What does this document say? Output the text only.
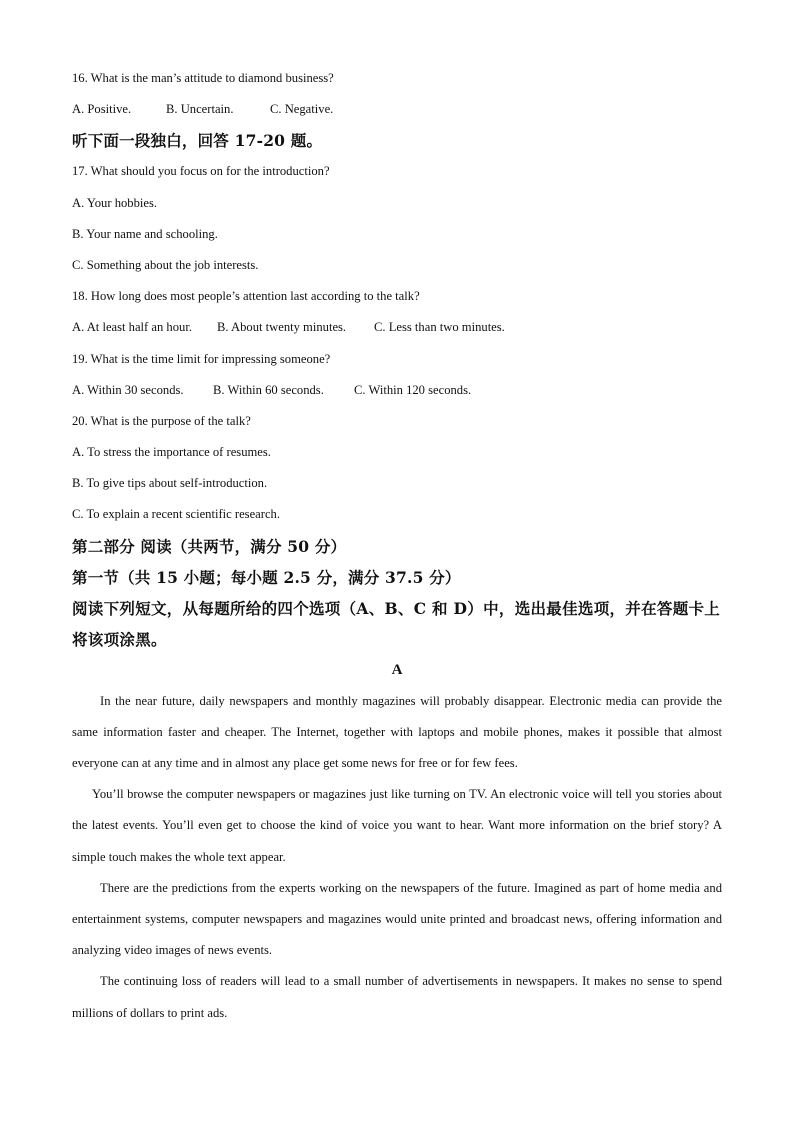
16. What is the man’s attitude to diamond business?
A. Positive.	B. Uncertain.	C. Negative.
听下面一段独白，回答 17-20 题。
17. What should you focus on for the introduction?
A. Your hobbies.
B. Your name and schooling.
C. Something about the job interests.
18. How long does most people’s attention last according to the talk?
A. At least half an hour. B. About twenty minutes. C. Less than two minutes.
19. What is the time limit for impressing someone?
A. Within 30 seconds. B. Within 60 seconds. C. Within 120 seconds.
20. What is the purpose of the talk?
A. To stress the importance of resumes.
B. To give tips about self-introduction.
C. To explain a recent scientific research.
第二部分 阅读（共两节，满分 50 分）
第一节（共 15 小题；每小题 2.5 分，满分 37.5 分）
阅读下列短文，从每题所给的四个选项（A、B、C 和 D）中，选出最佳选项，并在答题卡上将该项涂黑。
A

In the near future, daily newspapers and monthly magazines will probably disappear. Electronic media can provide the same information faster and cheaper. The Internet, together with laptops and mobile phones, makes it possible that almost everyone can at any time and in almost any place get some news for free or for few fees.

You’ll browse the computer newspapers or magazines just like turning on TV. An electronic voice will tell you stories about the latest events. You’ll even get to choose the kind of voice you want to hear. Want more information on the brief story? A simple touch makes the whole text appear.

There are the predictions from the experts working on the newspapers of the future. Imagined as part of home media and entertainment systems, computer newspapers and magazines would unite printed and broadcast news, offering information and analyzing video images of news events.

The continuing loss of readers will lead to a small number of advertisements in newspapers. It makes no sense to spend millions of dollars to print ads.
